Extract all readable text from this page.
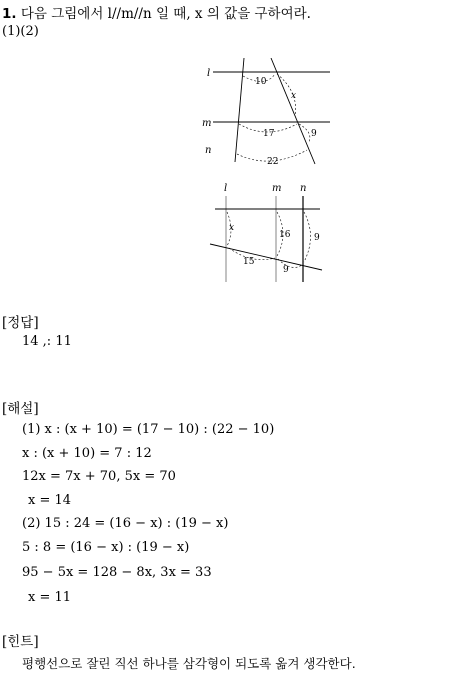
1. 다음 그림에서 l//m//n 일 때, x 의 값을 구하여라.
(1)(2)
l
m
n
10
x
17	9
22
l	m n
x
16	9
15
9
[정답]
14 ,: 11
[해설]
(1) x : (x + 10) = (17 − 10) : (22 − 10)
x : (x + 10) = 7 : 12
12x = 7x + 70, 5x = 70
x = 14
(2) 15 : 24 = (16 − x) : (19 − x)
5 : 8 = (16 − x) : (19 − x)
95 − 5x = 128 − 8x, 3x = 33
x = 11
[힌트]
평행선으로 잘린 직선 하나를 삼각형이 되도록 옮겨 생각한다.
